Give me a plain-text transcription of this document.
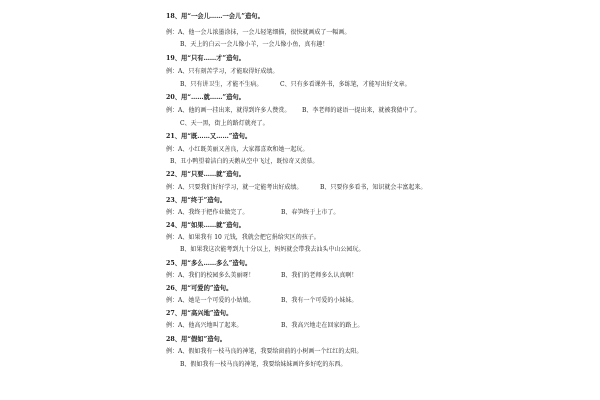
18、用“一会儿……一会儿”造句。
例：A、他一会儿浓墨涂抹，一会儿轻笔细描，很快就画成了一幅画。
B、天上的白云一会儿像小羊，一会儿像小鱼，真有趣！
19、用“只有……才”造句。
例：A、只有刻苦学习，才能取得好成绩。
B、只有讲卫生，才能不生病。	C、只有多看课外书，多练笔，才能写出好文章。
20、用“……就……”造句。
例：A、他的画一挂出来，就得到许多人赞赏。 B、李老师的谜语一提出来，就被我猜中了。
C、天一黑，街上的路灯就亮了。
21、用“既……又……”造句。
例：A、小红既美丽又善良，大家都喜欢和她一起玩。
B、丑小鸭望着洁白的天鹅从空中飞过，既惊奇又羡慕。
22、用“只要……就”造句。
例：A、只要我们好好学习，就一定能考出好成绩。	B、只要你多看书，知识就会丰富起来。
23、用“终于”造句。
例：A、我终于把作业做完了。	B、春笋终于上市了。
24、用“如果……就”造句。
例：A、如果我有 10 元钱，我就会把它捐给灾区的孩子。
B、如果我这次能考到九十分以上，妈妈就会带我去汕头中山公园玩。
25、用“多么……多么”造句。
例：A、我们的校园多么美丽呀！	B、我们的老师多么认真啊！
26、用“可爱的”造句。
例：A、她是一个可爱的小姑娘。	B、我有一个可爱的小妹妹。
27、用“高兴地”造句。
例：A、他高兴地叫了起来。	B、我高兴地走在回家的路上。
28、用“假如”造句。
例：A、假如我有一枝马良的神笔，我要给窗前的小树画一个红红的太阳。
B、假如我有一枝马良的神笔，我要给妹妹画许多好吃的东西。
